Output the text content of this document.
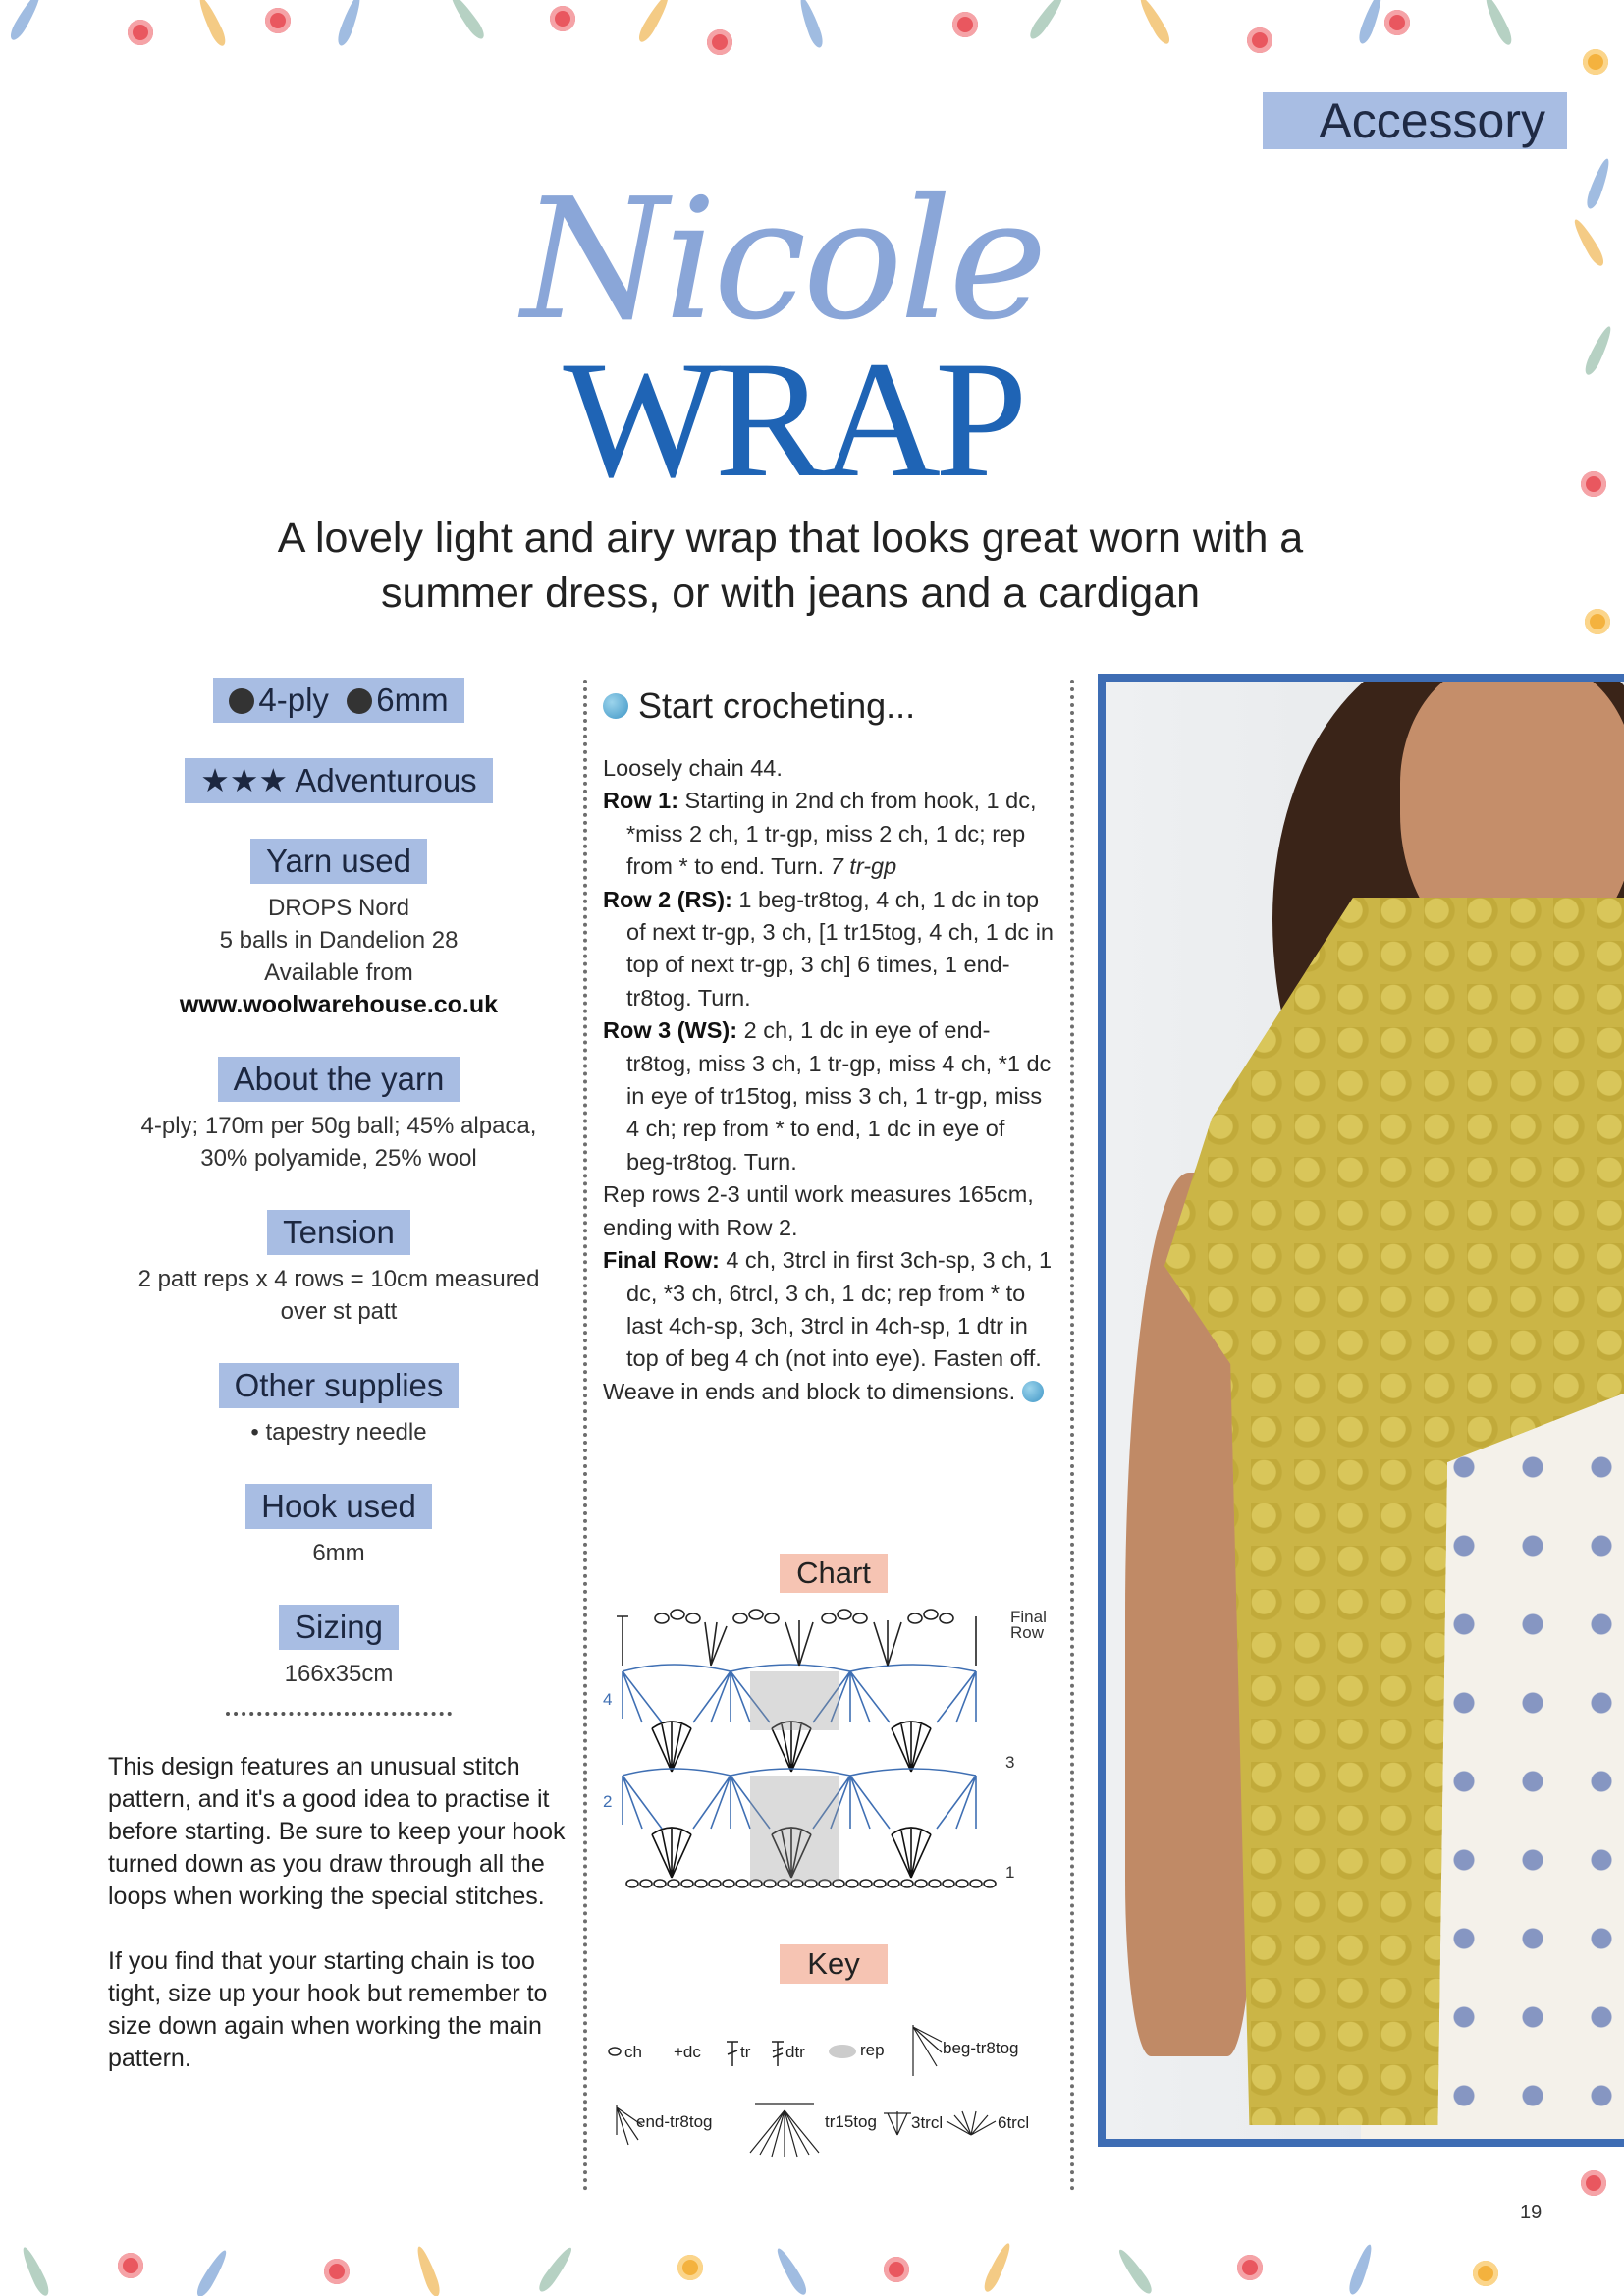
Accessory
Nicole
WRAP
A lovely light and airy wrap that looks great worn with a summer dress, or with jeans and a cardigan
4-ply 6mm
★★★ Adventurous
Yarn used
DROPS Nord
5 balls in Dandelion 28
Available from
www.woolwarehouse.co.uk
About the yarn
4-ply; 170m per 50g ball; 45% alpaca,
30% polyamide, 25% wool
Tension
2 patt reps x 4 rows = 10cm measured
over st patt
Other supplies
• tapestry needle
Hook used
6mm
Sizing
166x35cm

This design features an unusual stitch pattern, and it's a good idea to practise it before starting. Be sure to keep your hook turned down as you draw through all the loops when working the special stitches.

If you find that your starting chain is too tight, size up your hook but remember to size down again when working the main pattern.

Start crocheting...
Loosely chain 44.
Row 1: Starting in 2nd ch from hook, 1 dc, *miss 2 ch, 1 tr-gp, miss 2 ch, 1 dc; rep from * to end. Turn. 7 tr-gp
Row 2 (RS): 1 beg-tr8tog, 4 ch, 1 dc in top of next tr-gp, 3 ch, [1 tr15tog, 4 ch, 1 dc in top of next tr-gp, 3 ch] 6 times, 1 end-tr8tog. Turn.
Row 3 (WS): 2 ch, 1 dc in eye of end-tr8tog, miss 3 ch, 1 tr-gp, miss 4 ch, *1 dc in eye of tr15tog, miss 3 ch, 1 tr-gp, miss 4 ch; rep from * to end, 1 dc in eye of beg-tr8tog. Turn.
Rep rows 2-3 until work measures 165cm, ending with Row 2.
Final Row: 4 ch, 3trcl in first 3ch-sp, 3 ch, 1 dc, *3 ch, 6trcl, 3 ch, 1 dc; rep from * to last 4ch-sp, 3ch, 3trcl in 4ch-sp, 1 dtr in top of beg 4 ch (not into eye). Fasten off.
Weave in ends and block to dimensions.
Chart
Final
Row
4
2
3
1
Key
ch +dc tr dtr	rep	beg-tr8tog
end-tr8tog	tr15tog 3trcl	6trcl
19
